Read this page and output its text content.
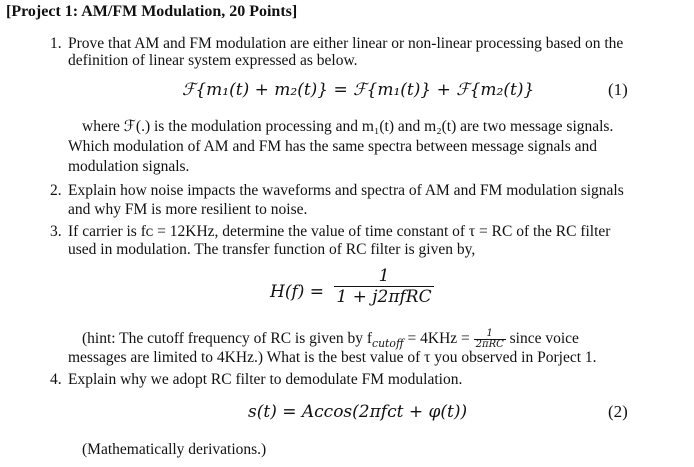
[Project 1: AM/FM Modulation, 20 Points]
1. Prove that AM and FM modulation are either linear or non-linear processing based on the
definition of linear system expressed as below.
ℱ{m₁(t) + m₂(t)} = ℱ{m₁(t)} + ℱ{m₂(t)}	(1)
where ℱ(.) is the modulation processing and m₁(t) and m₂(t) are two message signals.
Which modulation of AM and FM has the same spectra between message signals and
modulation signals.
2. Explain how noise impacts the waveforms and spectra of AM and FM modulation signals
and why FM is more resilient to noise.
3. If carrier is fᴄ = 12KHz, determine the value of time constant of τ = RC of the RC filter
used in modulation. The transfer function of RC filter is given by,
$H(f) = \frac{1}{\text{1 + j2πfRC}}$
(hint: The cutoff frequency of RC is given by $f_{cutoff} = 4KHz = \frac{1}{\text{2πRC}}$ since voice
messages are limited to 4KHz.) What is the best value of τ you observed in Porject 1.
4. Explain why we adopt RC filter to demodulate FM modulation.
s(t) = Aᴄcos(2πfᴄt + φ(t))	(2)
(Mathematically derivations.)
